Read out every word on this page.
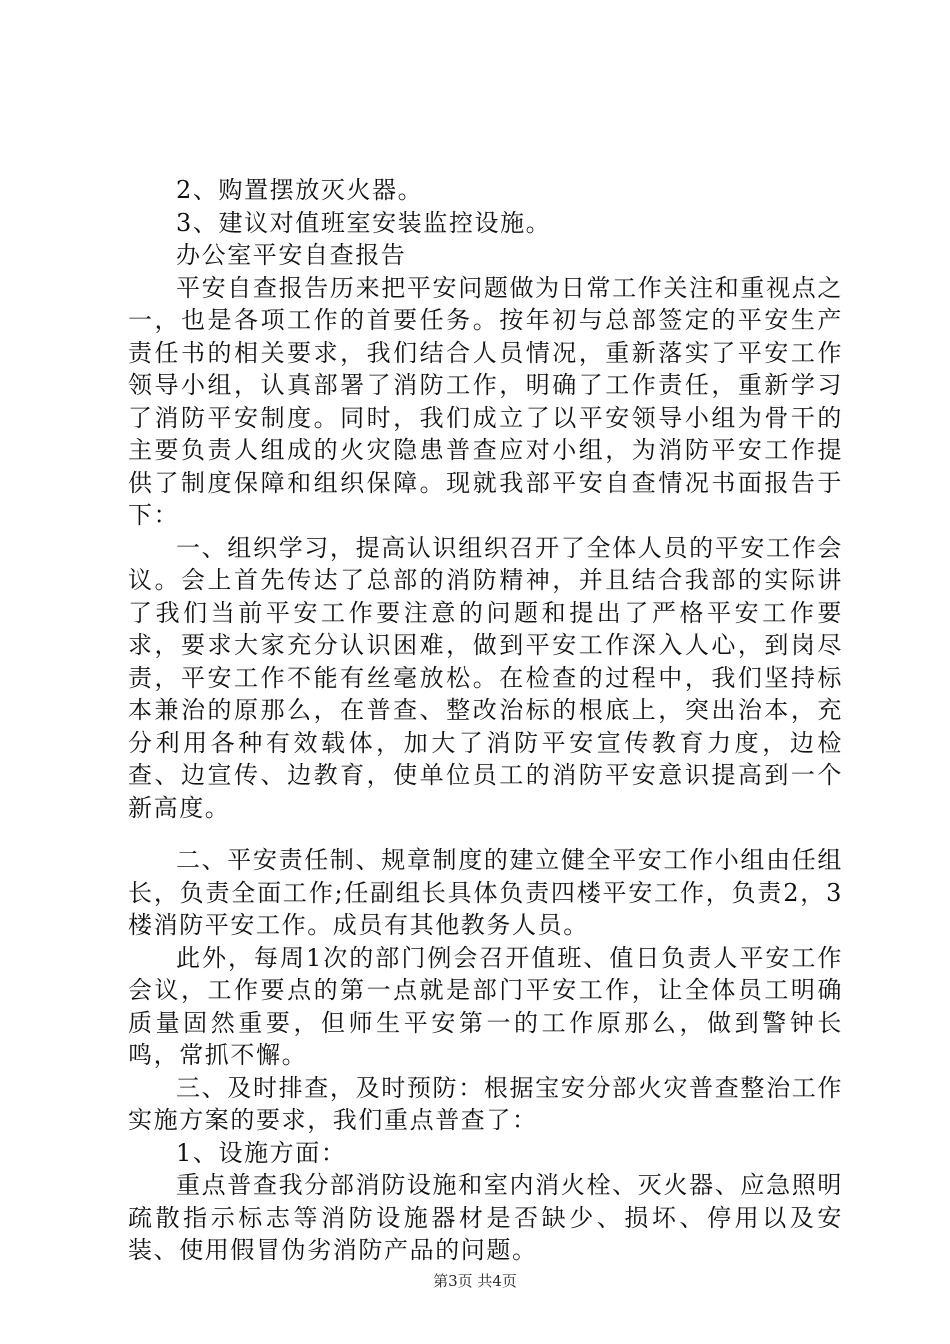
2、购置摆放灭火器。

3、建议对值班室安装监控设施。

办公室平安自查报告

平安自查报告历来把平安问题做为日常工作关注和重视点之一，也是各项工作的首要任务。按年初与总部签定的平安生产责任书的相关要求，我们结合人员情况，重新落实了平安工作领导小组，认真部署了消防工作，明确了工作责任，重新学习了消防平安制度。同时，我们成立了以平安领导小组为骨干的主要负责人组成的火灾隐患普查应对小组，为消防平安工作提供了制度保障和组织保障。现就我部平安自查情况书面报告于下：

一、组织学习，提高认识组织召开了全体人员的平安工作会议。会上首先传达了总部的消防精神，并且结合我部的实际讲了我们当前平安工作要注意的问题和提出了严格平安工作要求，要求大家充分认识困难，做到平安工作深入人心，到岗尽责，平安工作不能有丝毫放松。在检查的过程中，我们坚持标本兼治的原那么，在普查、整改治标的根底上，突出治本，充分利用各种有效载体，加大了消防平安宣传教育力度，边检查、边宣传、边教育，使单位员工的消防平安意识提高到一个新高度。

二、平安责任制、规章制度的建立健全平安工作小组由任组长，负责全面工作;任副组长具体负责四楼平安工作，负责2，3楼消防平安工作。成员有其他教务人员。

此外，每周1次的部门例会召开值班、值日负责人平安工作会议，工作要点的第一点就是部门平安工作，让全体员工明确质量固然重要，但师生平安第一的工作原那么，做到警钟长鸣，常抓不懈。

三、及时排查，及时预防：根据宝安分部火灾普查整治工作实施方案的要求，我们重点普查了：

1、设施方面：

重点普查我分部消防设施和室内消火栓、灭火器、应急照明疏散指示标志等消防设施器材是否缺少、损坏、停用以及安装、使用假冒伪劣消防产品的问题。

第3页 共4页
